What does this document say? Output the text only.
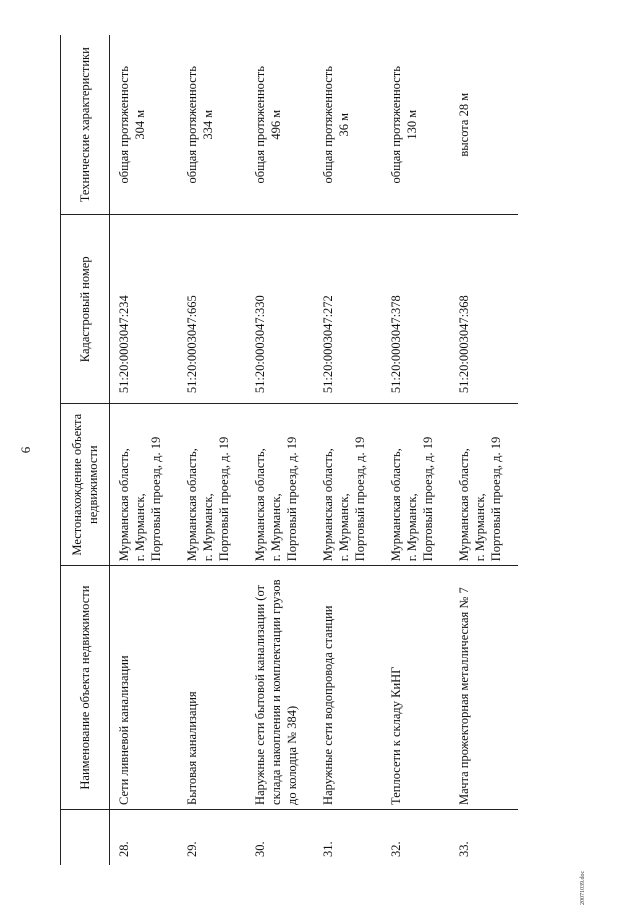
6
	Наименование объекта недвижимости	Местонахождение объекта недвижимости	Кадастровый номер	Технические характеристики
28.	Сети ливневой канализации	Мурманская область, г. Мурманск, Портовый проезд, д. 19	51:20:0003047:234	общая протяженность 304 м

29.	Бытовая канализация	Мурманская область, г. Мурманск, Портовый проезд, д. 19	51:20:0003047:665	общая протяженность 334 м

30.	Наружные сети бытовой канализации (от склада накопления и комплектации грузов до колодца № 384)	Мурманская область, г. Мурманск, Портовый проезд, д. 19	51:20:0003047:330	общая протяженность 496 м

31.	Наружные сети водопровода станции	Мурманская область, г. Мурманск, Портовый проезд, д. 19	51:20:0003047:272	общая протяженность 36 м

32.	Теплосети к складу КиНГ	Мурманская область, г. Мурманск, Портовый проезд, д. 19	51:20:0003047:378	общая протяженность 130 м

33.	Мачта прожекторная металлическая № 7	Мурманская область, г. Мурманск, Портовый проезд, д. 19	51:20:0003047:368	высота 28 м
20071039.doc
